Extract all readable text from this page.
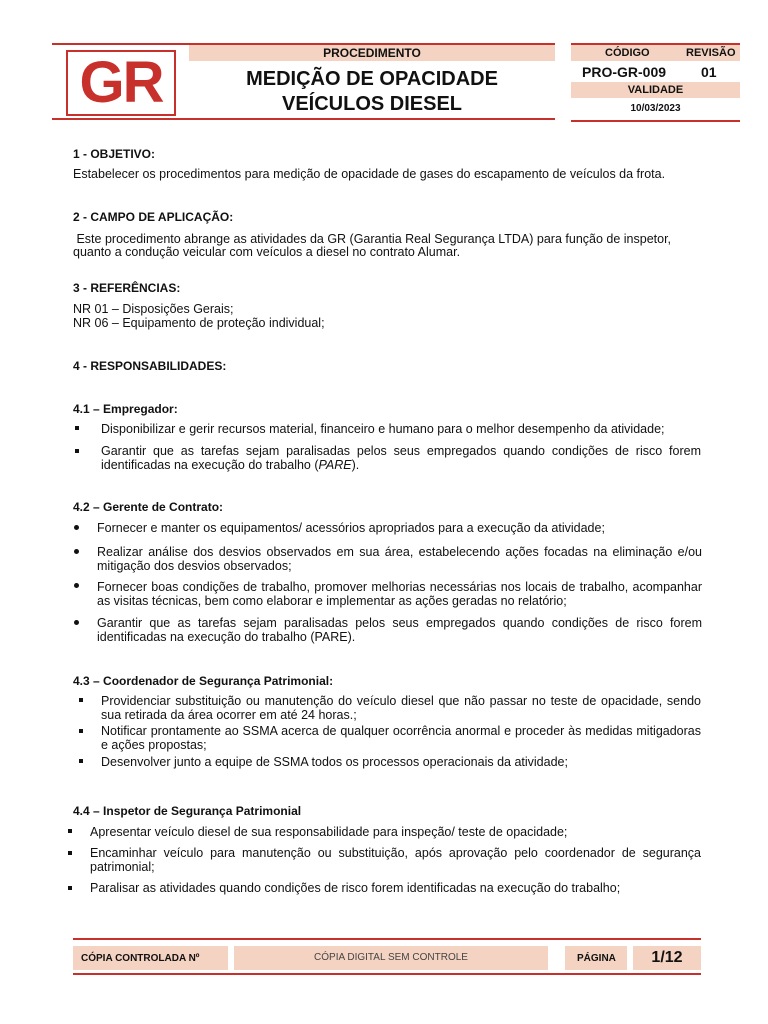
GR	PROCEDIMENTO
MEDIÇÃO DE OPACIDADE
VEÍCULOS DIESEL
CÓDIGO	REVISÃO
PRO-GR-009 01
VALIDADE
10/03/2023
1 - OBJETIVO:
Estabelecer os procedimentos para medição de opacidade de gases do escapamento de veículos da frota.
2 - CAMPO DE APLICAÇÃO:
Este procedimento abrange as atividades da GR (Garantia Real Segurança LTDA) para função de inspetor,
quanto a condução veicular com veículos a diesel no contrato Alumar.
3 - REFERÊNCIAS:
NR 01 – Disposições Gerais;
NR 06 – Equipamento de proteção individual;
4 - RESPONSABILIDADES:
4.1 – Empregador:
Disponibilizar e gerir recursos material, financeiro e humano para o melhor desempenho da atividade;
Garantir que as tarefas sejam paralisadas pelos seus empregados quando condições de risco forem identificadas na execução do trabalho (PARE).
4.2 – Gerente de Contrato:
Fornecer e manter os equipamentos/ acessórios apropriados para a execução da atividade;
Realizar análise dos desvios observados em sua área, estabelecendo ações focadas na eliminação e/ou mitigação dos desvios observados;
Fornecer boas condições de trabalho, promover melhorias necessárias nos locais de trabalho, acompanhar as visitas técnicas, bem como elaborar e implementar as ações geradas no relatório;
Garantir que as tarefas sejam paralisadas pelos seus empregados quando condições de risco forem identificadas na execução do trabalho (PARE).
4.3 – Coordenador de Segurança Patrimonial:
Providenciar substituição ou manutenção do veículo diesel que não passar no teste de opacidade, sendo sua retirada da área ocorrer em até 24 horas.;
Notificar prontamente ao SSMA acerca de qualquer ocorrência anormal e proceder às medidas mitigadoras e ações propostas;
Desenvolver junto a equipe de SSMA todos os processos operacionais da atividade;
4.4 – Inspetor de Segurança Patrimonial
Apresentar veículo diesel de sua responsabilidade para inspeção/ teste de opacidade;
Encaminhar veículo para manutenção ou substituição, após aprovação pelo coordenador de segurança patrimonial;
Paralisar as atividades quando condições de risco forem identificadas na execução do trabalho;
CÓPIA CONTROLADA Nº	CÓPIA DIGITAL SEM CONTROLE	PÁGINA	1/12
